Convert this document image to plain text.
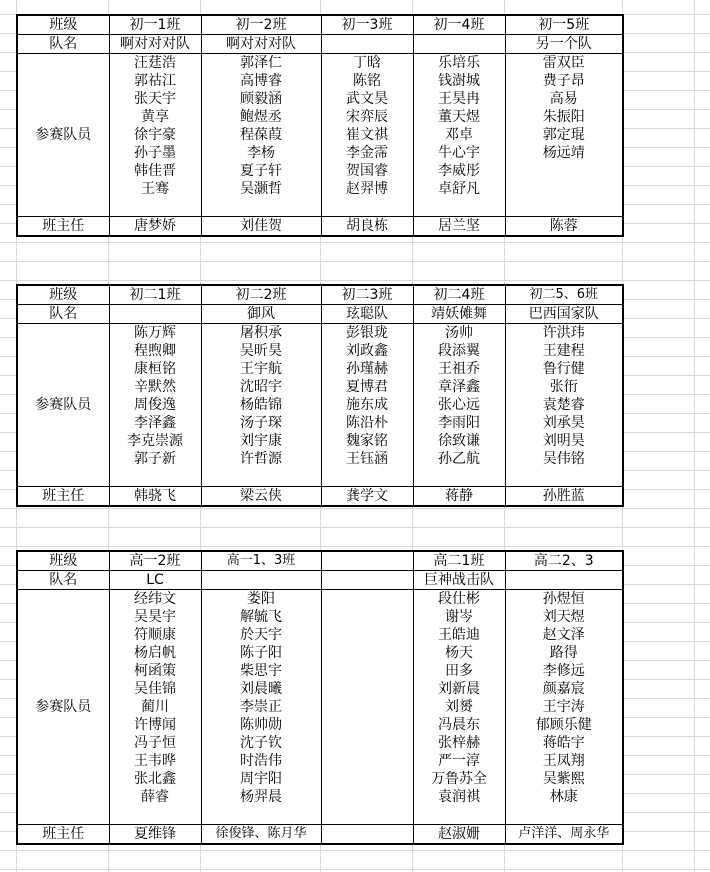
班级	初一1班	初一2班	初一3班	初一4班	初一5班
队名	啊对对对队	啊对对对队			另一个队
参赛队员	汪莛浩	郭泽仁	丁晗	乐培乐	雷双臣
	郭祜江	高博睿	陈铭	钱澍城	费子昂
	张天宇	顾毅涵	武文昊	王昊冉	高易
	黄享	鲍煜丞	宋弈辰	董天煜	朱振阳
	徐宇豪	程葆葭	崔文祺	邓卓	郭定琨
	孙子墨	李杨	李金霈	牛心宇	杨远靖
	韩佳晋	夏子轩	贺国睿	李威彤	
	王骞	吴灏哲	赵羿博	卓舒凡	

班主任	唐梦娇	刘佳贺	胡良栋	居兰坚	陈蓉
班级	初二1班	初二2班	初二3班	初二4班	初二5、6班
队名		御风	玹聪队	靖妖傩舞	巴西国家队
参赛队员	陈万辉	屠积承	彭银珑	汤帅	许洪玮
	程煦卿	吴昕昊	刘政鑫	段添翼	王建程
	康桓铭	王宇航	孙瑾赫	王祖乔	鲁行健
	辛默然	沈昭宇	夏博君	章泽鑫	张衎
	周俊逸	杨皓锦	施东成	张心远	袁楚睿
	李泽鑫	汤子琛	陈沿朴	李雨阳	刘承昊
	李克崇源	刘宇康	魏家铭	徐致谦	刘明昊
	郭子新	许哲源	王钰涵	孙乙航	吴伟铭

班主任	韩骁飞	梁云侠	龚学文	蒋静	孙胜蓝
班级	高一2班	高一1、3班		高二1班	高二2、3
队名	LC			巨神战击队	
参赛队员	经纬文	娄阳		段仕彬	孙煜恒
	吴昊宇	解毓飞		谢岑	刘天煜
	符顺康	於天宇		王皓迪	赵文泽
	杨启帆	陈子阳		杨天	路得
	柯函策	柴思宇		田多	李修远
	吴佳锦	刘晨曦		刘新晨	颜嘉宸
	蔺川	李崇正		刘赟	王宇涛
	许博闻	陈帅勋		冯晨东	郁顾乐健
	冯子恒	沈子钦		张梓赫	蒋皓宇
	王韦晔	时浩伟		严一淳	王凤翔
	张北鑫	周宇阳		万鲁苏全	吴紫熙
	薛睿	杨羿晨		袁润祺	林康

班主任	夏维锋	徐俊锋、陈月华		赵淑姗	卢洋洋、周永华
